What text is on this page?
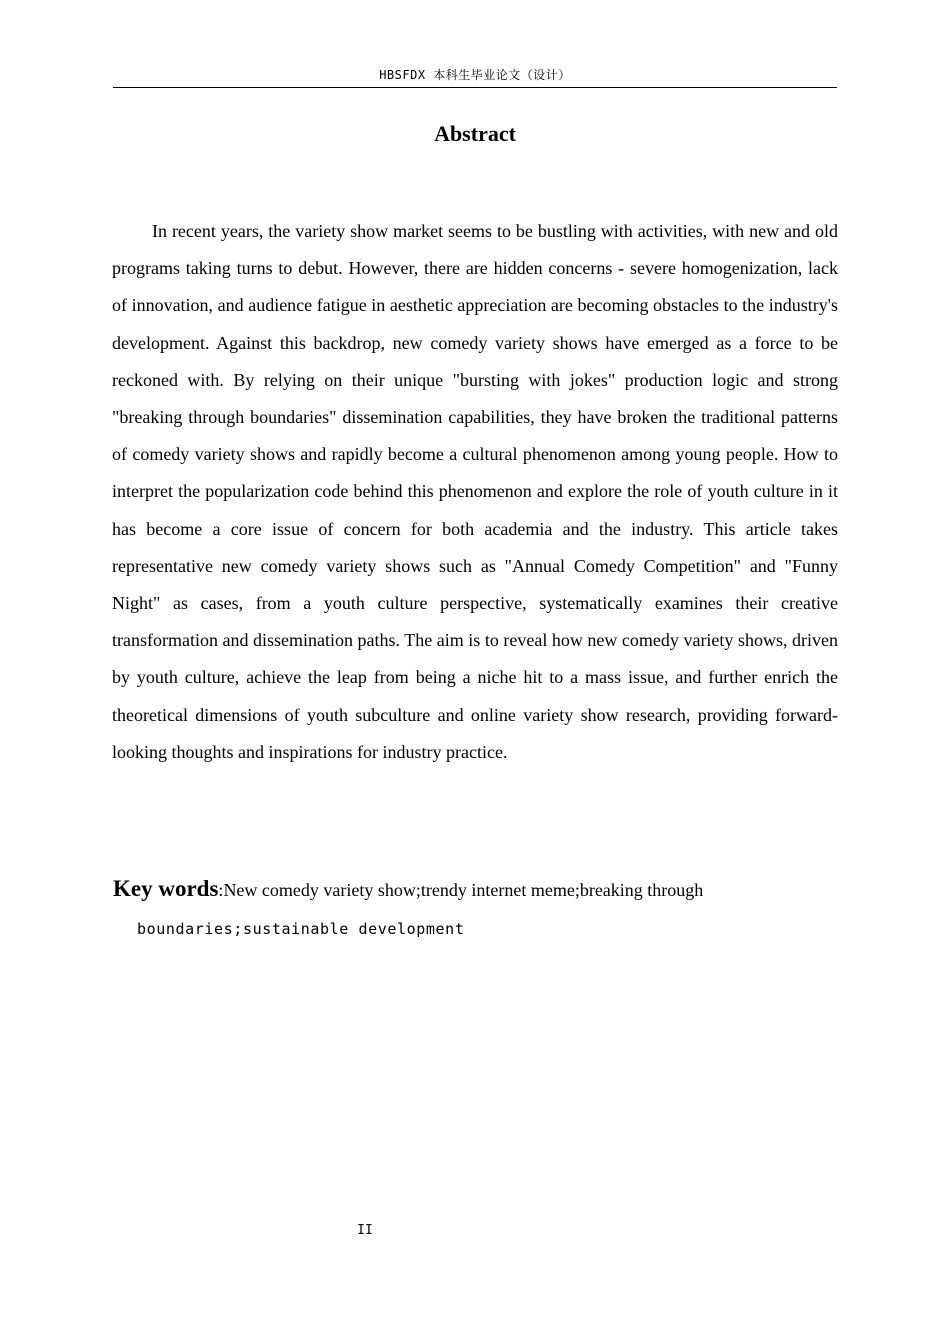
HBSFDX 本科生毕业论文（设计）
Abstract

In recent years, the variety show market seems to be bustling with activities, with new and old programs taking turns to debut. However, there are hidden concerns - severe homogenization, lack of innovation, and audience fatigue in aesthetic appreciation are becoming obstacles to the industry's development. Against this backdrop, new comedy variety shows have emerged as a force to be reckoned with. By relying on their unique "bursting with jokes" production logic and strong "breaking through boundaries" dissemination capabilities, they have broken the traditional patterns of comedy variety shows and rapidly become a cultural phenomenon among young people. How to interpret the popularization code behind this phenomenon and explore the role of youth culture in it has become a core issue of concern for both academia and the industry. This article takes representative new comedy variety shows such as "Annual Comedy Competition" and "Funny Night" as cases, from a youth culture perspective, systematically examines their creative transformation and dissemination paths. The aim is to reveal how new comedy variety shows, driven by youth culture, achieve the leap from being a niche hit to a mass issue, and further enrich the theoretical dimensions of youth subculture and online variety show research, providing forward-looking thoughts and inspirations for industry practice.

Key words:New comedy variety show;trendy internet meme;breaking through
boundaries;sustainable development

II
